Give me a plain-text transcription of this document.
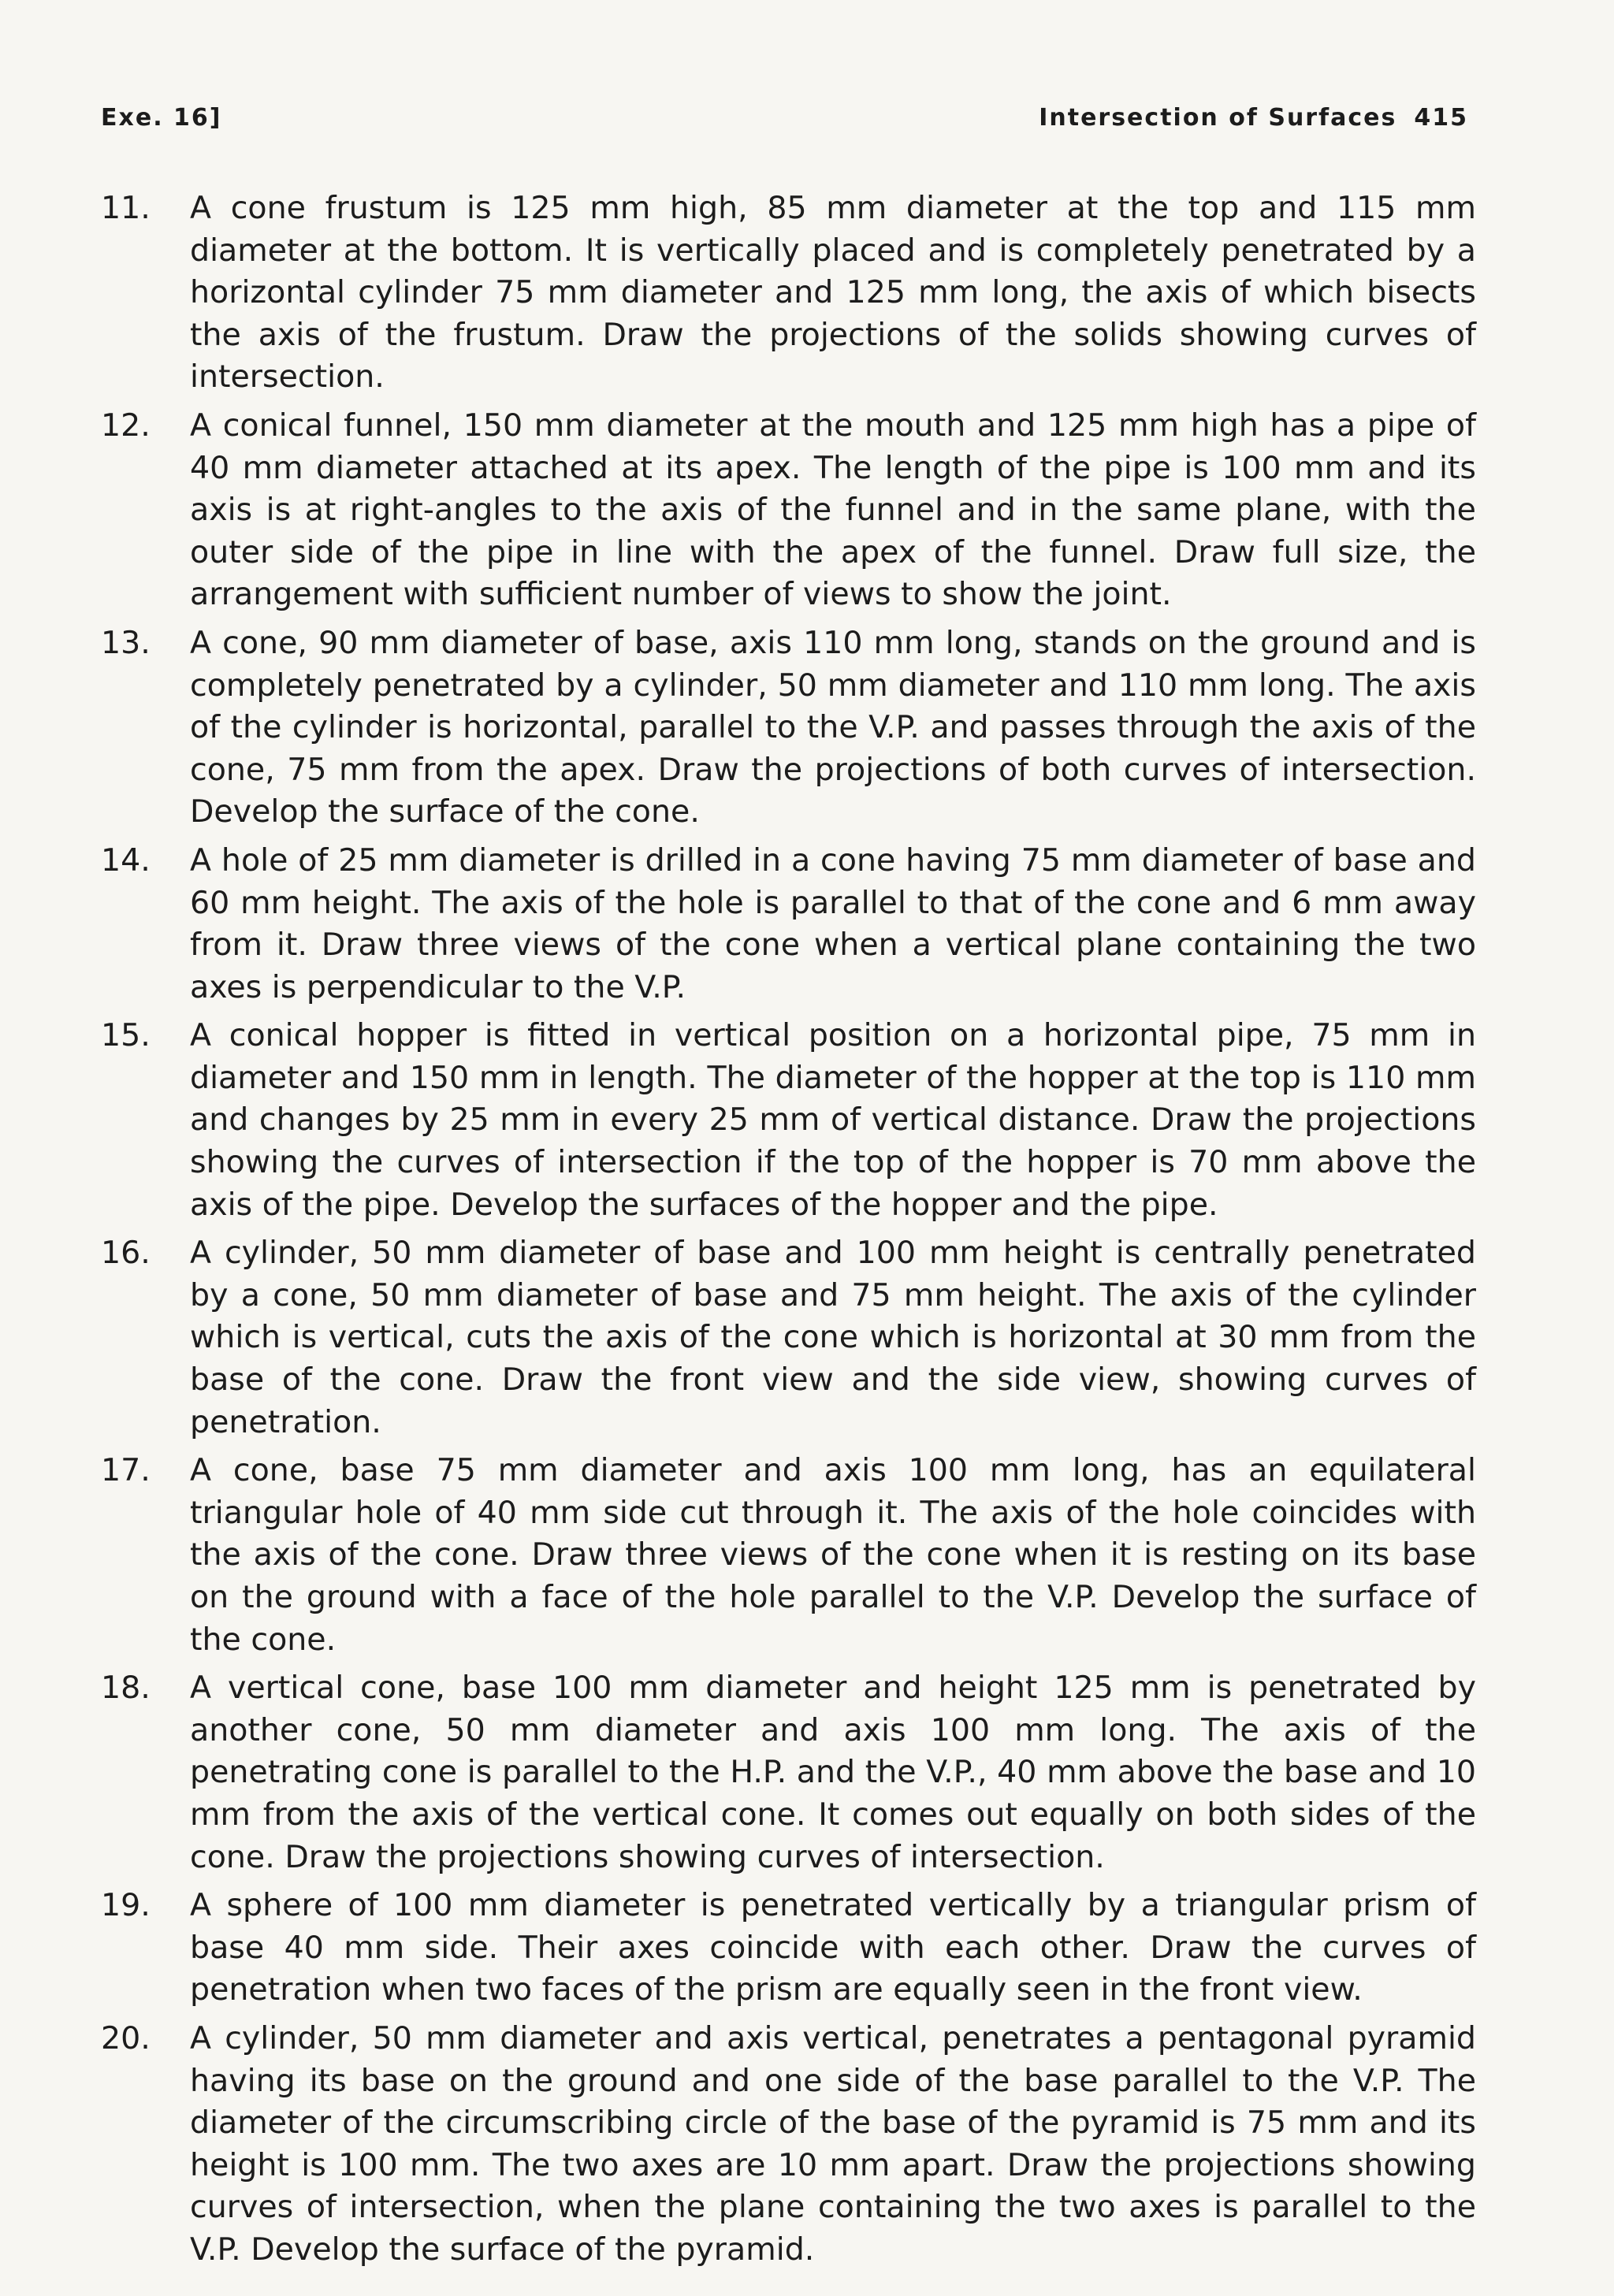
Exe. 16]	Intersection of Surfaces 415
11. A cone frustum is 125 mm high, 85 mm diameter at the top and 115 mm diameter at the bottom. It is vertically placed and is completely penetrated by a horizontal cylinder 75 mm diameter and 125 mm long, the axis of which bisects the axis of the frustum. Draw the projections of the solids showing curves of intersection.
12. A conical funnel, 150 mm diameter at the mouth and 125 mm high has a pipe of 40 mm diameter attached at its apex. The length of the pipe is 100 mm and its axis is at right-angles to the axis of the funnel and in the same plane, with the outer side of the pipe in line with the apex of the funnel. Draw full size, the arrangement with sufficient number of views to show the joint.
13. A cone, 90 mm diameter of base, axis 110 mm long, stands on the ground and is completely penetrated by a cylinder, 50 mm diameter and 110 mm long. The axis of the cylinder is horizontal, parallel to the V.P. and passes through the axis of the cone, 75 mm from the apex. Draw the projections of both curves of intersection. Develop the surface of the cone.
14. A hole of 25 mm diameter is drilled in a cone having 75 mm diameter of base and 60 mm height. The axis of the hole is parallel to that of the cone and 6 mm away from it. Draw three views of the cone when a vertical plane containing the two axes is perpendicular to the V.P.
15. A conical hopper is fitted in vertical position on a horizontal pipe, 75 mm in diameter and 150 mm in length. The diameter of the hopper at the top is 110 mm and changes by 25 mm in every 25 mm of vertical distance. Draw the projections showing the curves of intersection if the top of the hopper is 70 mm above the axis of the pipe. Develop the surfaces of the hopper and the pipe.
16. A cylinder, 50 mm diameter of base and 100 mm height is centrally penetrated by a cone, 50 mm diameter of base and 75 mm height. The axis of the cylinder which is vertical, cuts the axis of the cone which is horizontal at 30 mm from the base of the cone. Draw the front view and the side view, showing curves of penetration.
17. A cone, base 75 mm diameter and axis 100 mm long, has an equilateral triangular hole of 40 mm side cut through it. The axis of the hole coincides with the axis of the cone. Draw three views of the cone when it is resting on its base on the ground with a face of the hole parallel to the V.P. Develop the surface of the cone.
18. A vertical cone, base 100 mm diameter and height 125 mm is penetrated by another cone, 50 mm diameter and axis 100 mm long. The axis of the penetrating cone is parallel to the H.P. and the V.P., 40 mm above the base and 10 mm from the axis of the vertical cone. It comes out equally on both sides of the cone. Draw the projections showing curves of intersection.
19. A sphere of 100 mm diameter is penetrated vertically by a triangular prism of base 40 mm side. Their axes coincide with each other. Draw the curves of penetration when two faces of the prism are equally seen in the front view.
20. A cylinder, 50 mm diameter and axis vertical, penetrates a pentagonal pyramid having its base on the ground and one side of the base parallel to the V.P. The diameter of the circumscribing circle of the base of the pyramid is 75 mm and its height is 100 mm. The two axes are 10 mm apart. Draw the projections showing curves of intersection, when the plane containing the two axes is parallel to the V.P. Develop the surface of the pyramid.
